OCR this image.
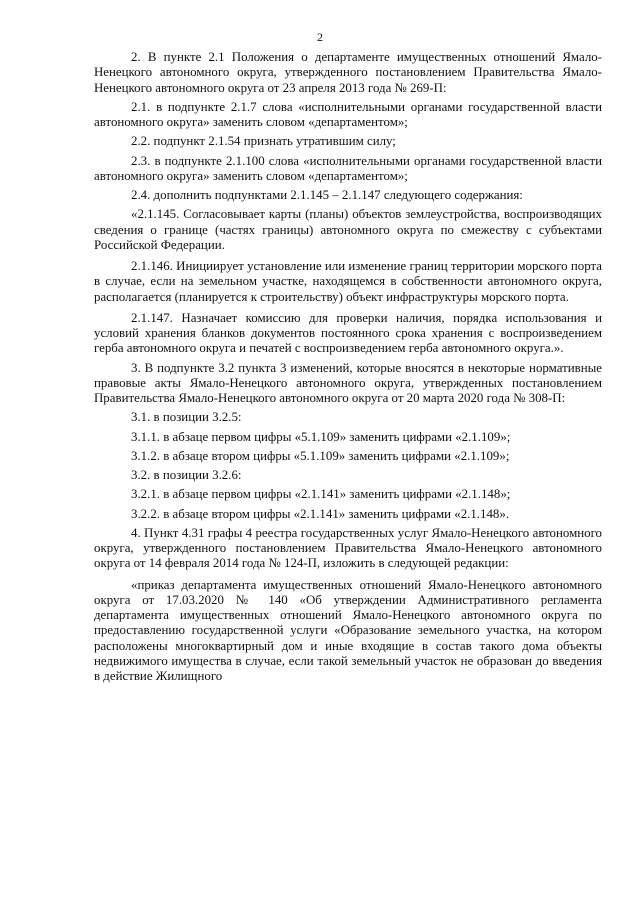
2

2. В пункте 2.1 Положения о департаменте имущественных отношений Ямало-Ненецкого автономного округа, утвержденного постановлением Правительства Ямало-Ненецкого автономного округа от 23 апреля 2013 года № 269-П:

2.1. в подпункте 2.1.7 слова «исполнительными органами государственной власти автономного округа» заменить словом «департаментом»;

2.2. подпункт 2.1.54 признать утратившим силу;

2.3. в подпункте 2.1.100 слова «исполнительными органами государственной власти автономного округа» заменить словом «департаментом»;

2.4. дополнить подпунктами 2.1.145 – 2.1.147 следующего содержания:

«2.1.145. Согласовывает карты (планы) объектов землеустройства, воспроизводящих сведения о границе (частях границы) автономного округа по смежеству с субъектами Российской Федерации.

2.1.146. Инициирует установление или изменение границ территории морского порта в случае, если на земельном участке, находящемся в собственности автономного округа, располагается (планируется к строительству) объект инфраструктуры морского порта.

2.1.147. Назначает комиссию для проверки наличия, порядка использования и условий хранения бланков документов постоянного срока хранения с воспроизведением герба автономного округа и печатей с воспроизведением герба автономного округа.».

3. В подпункте 3.2 пункта 3 изменений, которые вносятся в некоторые нормативные правовые акты Ямало-Ненецкого автономного округа, утвержденных постановлением Правительства Ямало-Ненецкого автономного округа от 20 марта 2020 года № 308-П:

3.1. в позиции 3.2.5:

3.1.1. в абзаце первом цифры «5.1.109» заменить цифрами «2.1.109»;

3.1.2. в абзаце втором цифры «5.1.109» заменить цифрами «2.1.109»;

3.2. в позиции 3.2.6:

3.2.1. в абзаце первом цифры «2.1.141» заменить цифрами «2.1.148»;

3.2.2. в абзаце втором цифры «2.1.141» заменить цифрами «2.1.148».

4. Пункт 4.31 графы 4 реестра государственных услуг Ямало-Ненецкого автономного округа, утвержденного постановлением Правительства Ямало-Ненецкого автономного округа от 14 февраля 2014 года № 124-П, изложить в следующей редакции:

«приказ департамента имущественных отношений Ямало-Ненецкого автономного округа от 17.03.2020 № 140 «Об утверждении Административного регламента департамента имущественных отношений Ямало-Ненецкого автономного округа по предоставлению государственной услуги «Образование земельного участка, на котором расположены многоквартирный дом и иные входящие в состав такого дома объекты недвижимого имущества в случае, если такой земельный участок не образован до введения в действие Жилищного
